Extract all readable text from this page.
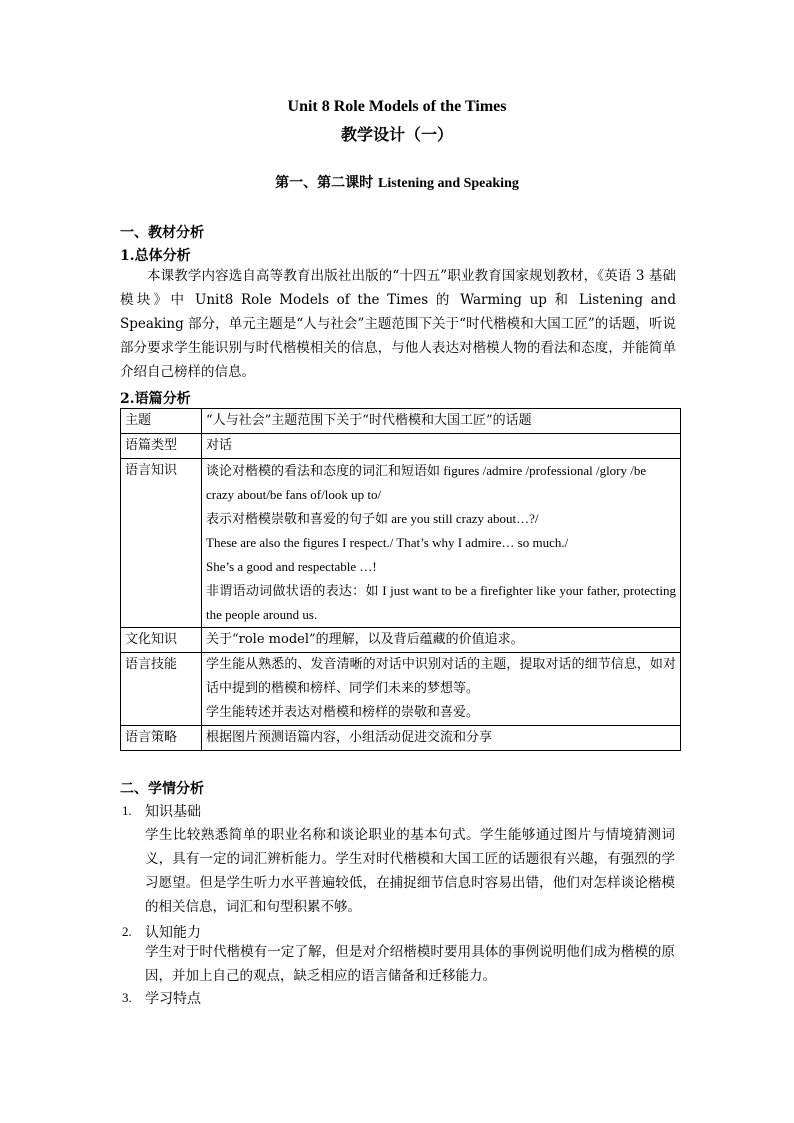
Unit 8 Role Models of the Times
教学设计（一）
第一、第二课时 Listening and Speaking
一、教材分析
1.总体分析
本课教学内容选自高等教育出版社出版的“十四五”职业教育国家规划教材，《英语 3 基础模块》中 Unit8 Role Models of the Times 的 Warming up 和 Listening and Speaking 部分，单元主题是“人与社会”主题范围下关于“时代楷模和大国工匠”的话题，听说部分要求学生能识别与时代楷模相关的信息，与他人表达对楷模人物的看法和态度，并能简单介绍自己榜样的信息。
2.语篇分析
主题	“人与社会”主题范围下关于“时代楷模和大国工匠”的话题

语篇类型	对话

语言知识	谈论对楷模的看法和态度的词汇和短语如 figures /admire /professional /glory /be crazy about/be fans of/look up to/
表示对楷模崇敬和喜爱的句子如 are you still crazy about…?/
These are also the figures I respect./ That’s why I admire… so much./
She’s a good and respectable …!
非谓语动词做状语的表达：如 I just want to be a firefighter like your father, protecting the people around us.

文化知识	关于“role model”的理解，以及背后蕴藏的价值追求。

语言技能	学生能从熟悉的、发音清晰的对话中识别对话的主题，提取对话的细节信息，如对话中提到的楷模和榜样、同学们未来的梦想等。
学生能转述并表达对楷模和榜样的崇敬和喜爱。

语言策略	根据图片预测语篇内容，小组活动促进交流和分享
二、学情分析
1. 知识基础
学生比较熟悉简单的职业名称和谈论职业的基本句式。学生能够通过图片与情境猜测词义，具有一定的词汇辨析能力。学生对时代楷模和大国工匠的话题很有兴趣，有强烈的学习愿望。但是学生听力水平普遍较低，在捕捉细节信息时容易出错，他们对怎样谈论楷模的相关信息，词汇和句型积累不够。
2. 认知能力
学生对于时代楷模有一定了解，但是对介绍楷模时要用具体的事例说明他们成为楷模的原因，并加上自己的观点，缺乏相应的语言储备和迁移能力。
3. 学习特点
